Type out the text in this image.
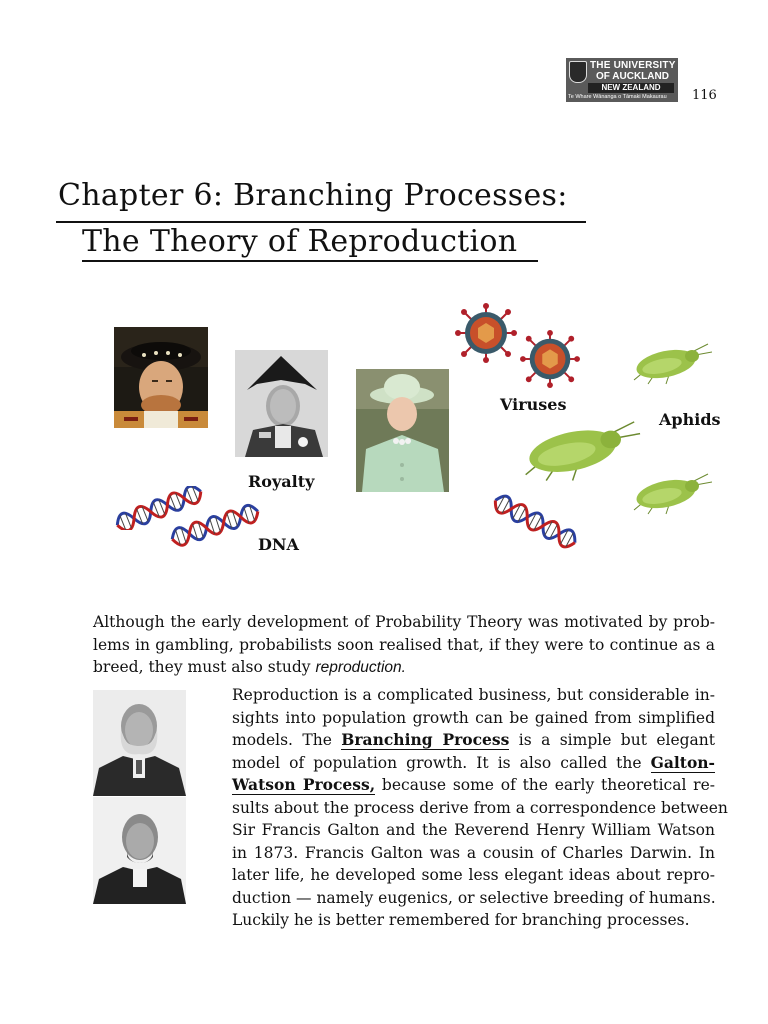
THE UNIVERSITY
OF AUCKLAND
NEW ZEALAND
Te Whare Wānanga o Tāmaki Makaurau 116
Chapter 6: Branching Processes:
The Theory of Reproduction
Royalty
Viruses
Aphids
DNA
Although the early development of Probability Theory was motivated by prob-
lems in gambling, probabilists soon realised that, if they were to continue as a
breed, they must also study reproduction.
Reproduction is a complicated business, but considerable in-
sights into population growth can be gained from simplified
models. The Branching Process is a simple but elegant
model of population growth. It is also called the Galton-
Watson Process, because some of the early theoretical re-
sults about the process derive from a correspondence between
Sir Francis Galton and the Reverend Henry William Watson
in 1873. Francis Galton was a cousin of Charles Darwin. In
later life, he developed some less elegant ideas about repro-
duction — namely eugenics, or selective breeding of humans.
Luckily he is better remembered for branching processes.
